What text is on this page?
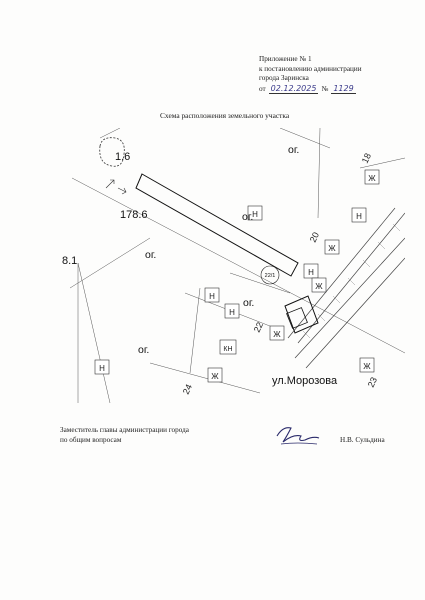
Приложение № 1
к постановлению администрации
города Заринска
от 02.12.2025 № 1129
Схема расположения земельного участка
Н
Н
Н
Н
Н
Н
Ж
Ж
Ж
Ж
Ж
Ж
КН
ог.
ог.
ог.
ог.
ог.
1.6
178.6
8.1
22/1
18
20
22
24
23
ул.Морозова
Заместитель главы администрации города
по общим вопросам	Н.В. Сульдина
